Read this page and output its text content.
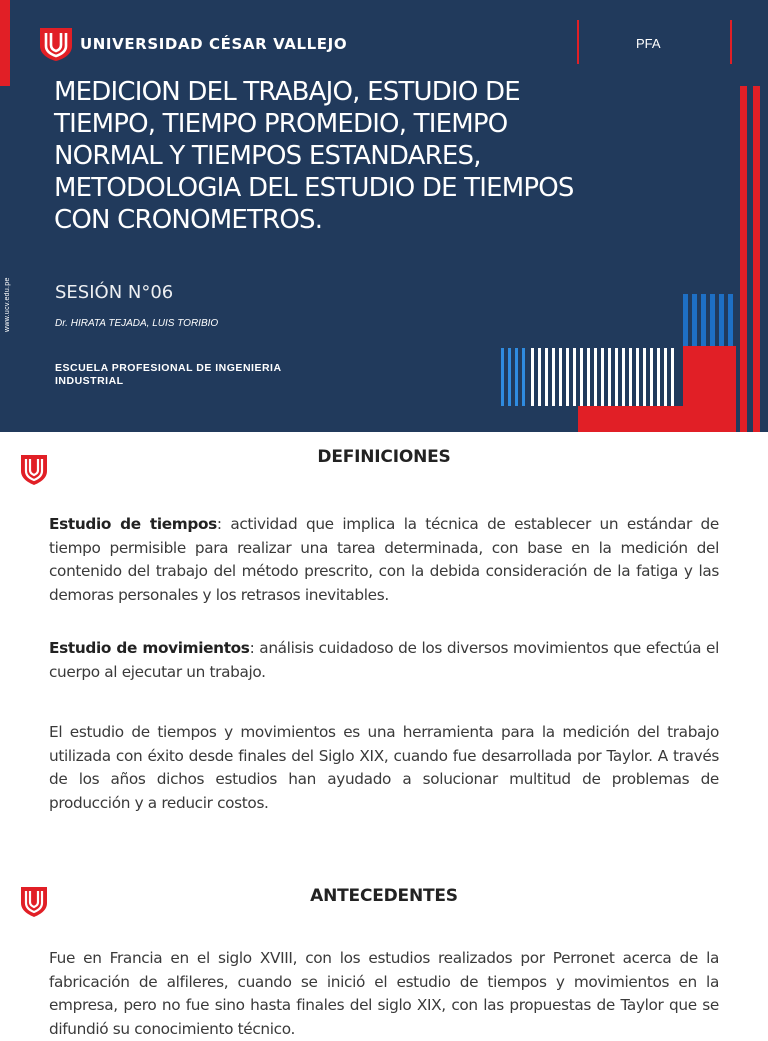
www.ucv.edu.pe
UNIVERSIDAD CÉSAR VALLEJO	PFA
MEDICION DEL TRABAJO, ESTUDIO DE TIEMPO, TIEMPO PROMEDIO, TIEMPO NORMAL Y TIEMPOS ESTANDARES, METODOLOGIA DEL ESTUDIO DE TIEMPOS CON CRONOMETROS.
SESIÓN N°06
Dr. HIRATA TEJADA, LUIS TORIBIO
ESCUELA PROFESIONAL DE INGENIERIA
INDUSTRIAL
DEFINICIONES

Estudio de tiempos: actividad que implica la técnica de establecer un estándar de tiempo permisible para realizar una tarea determinada, con base en la medición del contenido del trabajo del método prescrito, con la debida consideración de la fatiga y las demoras personales y los retrasos inevitables.

Estudio de movimientos: análisis cuidadoso de los diversos movimientos que efectúa el cuerpo al ejecutar un trabajo.

El estudio de tiempos y movimientos es una herramienta para la medición del trabajo utilizada con éxito desde finales del Siglo XIX, cuando fue desarrollada por Taylor. A través de los años dichos estudios han ayudado a solucionar multitud de problemas de producción y a reducir costos.

ANTECEDENTES

Fue en Francia en el siglo XVIII, con los estudios realizados por Perronet acerca de la fabricación de alfileres, cuando se inició el estudio de tiempos y movimientos en la empresa, pero no fue sino hasta finales del siglo XIX, con las propuestas de Taylor que se difundió su conocimiento técnico.
